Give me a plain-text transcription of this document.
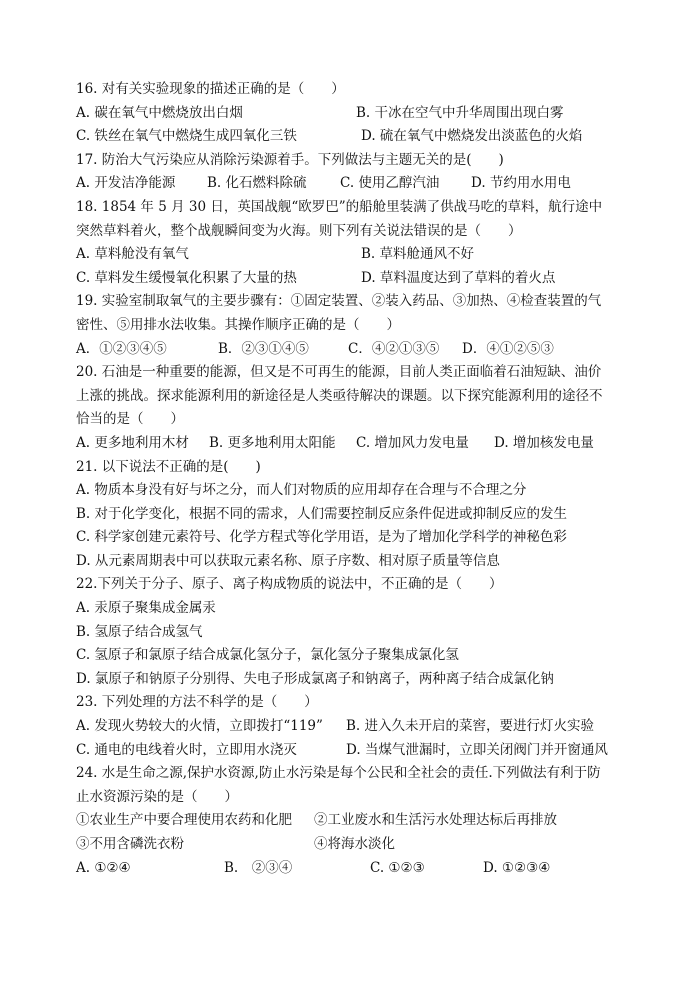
16. 对有关实验现象的描述正确的是（　　）
A. 碳在氧气中燃烧放出白烟	B. 干冰在空气中升华周围出现白雾
C. 铁丝在氧气中燃烧生成四氧化三铁	D. 硫在氧气中燃烧发出淡蓝色的火焰
17. 防治大气污染应从消除污染源着手。下列做法与主题无关的是(　　)
A. 开发洁净能源	B. 化石燃料除硫	C. 使用乙醇汽油	D. 节约用水用电
18. 1854 年 5 月 30 日，英国战舰“欧罗巴”的船舱里装满了供战马吃的草料，航行途中
突然草料着火，整个战舰瞬间变为火海。则下列有关说法错误的是（　　）
A. 草料舱没有氧气	B. 草料舱通风不好
C. 草料发生缓慢氧化积累了大量的热	D. 草料温度达到了草料的着火点
19. 实验室制取氧气的主要步骤有：①固定装置、②装入药品、③加热、④检查装置的气
密性、⑤用排水法收集。其操作顺序正确的是（　　）
A．①②③④⑤	B．②③①④⑤	C．④②①③⑤	D．④①②⑤③
20. 石油是一种重要的能源，但又是不可再生的能源，目前人类正面临着石油短缺、油价
上涨的挑战。探求能源利用的新途径是人类亟待解决的课题。以下探究能源利用的途径不
恰当的是（　　）
A. 更多地利用木材	B. 更多地利用太阳能	C. 增加风力发电量	D. 增加核发电量
21. 以下说法不正确的是(　　)
A. 物质本身没有好与坏之分，而人们对物质的应用却存在合理与不合理之分
B. 对于化学变化，根据不同的需求，人们需要控制反应条件促进或抑制反应的发生
C. 科学家创建元素符号、化学方程式等化学用语，是为了增加化学科学的神秘色彩
D. 从元素周期表中可以获取元素名称、原子序数、相对原子质量等信息
22.下列关于分子、原子、离子构成物质的说法中，不正确的是（　　）
A. 汞原子聚集成金属汞
B. 氢原子结合成氢气
C. 氢原子和氯原子结合成氯化氢分子，氯化氢分子聚集成氯化氢
D. 氯原子和钠原子分别得、失电子形成氯离子和钠离子，两种离子结合成氯化钠
23. 下列处理的方法不科学的是（　　）
A. 发现火势较大的火情，立即拨打“119”	B. 进入久未开启的菜窖，要进行灯火实验
C. 通电的电线着火时，立即用水浇灭	D. 当煤气泄漏时，立即关闭阀门并开窗通风
24. 水是生命之源,保护水资源,防止水污染是每个公民和全社会的责任.下列做法有利于防
止水资源污染的是（　　）
①农业生产中要合理使用农药和化肥	②工业废水和生活污水处理达标后再排放
③不用含磷洗衣粉	④将海水淡化
A. ①②④	B.　②③④	C. ①②③	D. ①②③④
